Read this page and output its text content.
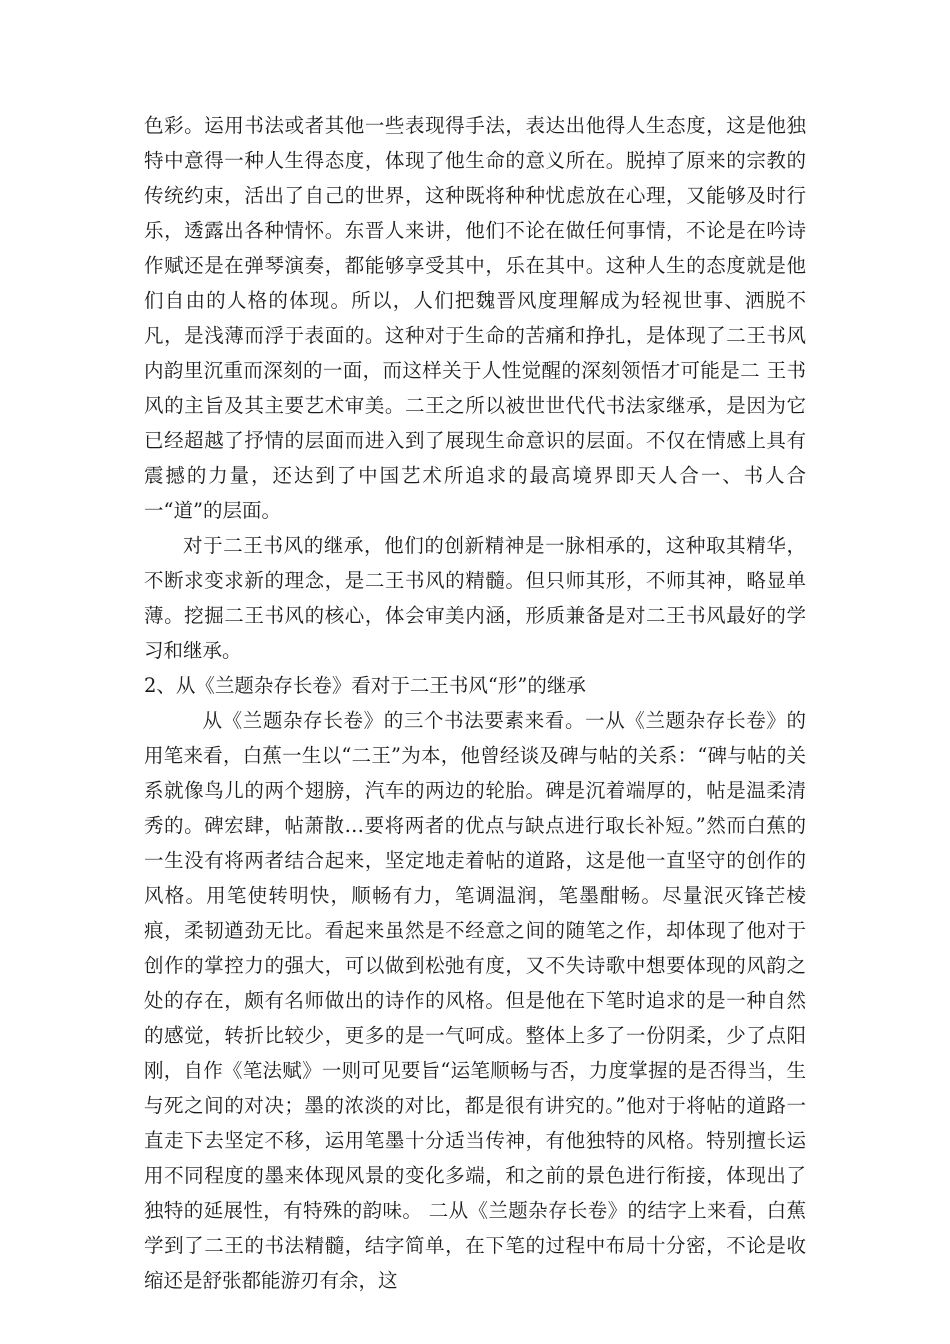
色彩。运用书法或者其他一些表现得手法，表达出他得人生态度，这是他独特中意得一种人生得态度，体现了他生命的意义所在。脱掉了原来的宗教的传统约束，活出了自己的世界，这种既将种种忧虑放在心理，又能够及时行乐，透露出各种情怀。东晋人来讲，他们不论在做任何事情，不论是在吟诗作赋还是在弹琴演奏，都能够享受其中，乐在其中。这种人生的态度就是他们自由的人格的体现。所以，人们把魏晋风度理解成为轻视世事、洒脱不凡，是浅薄而浮于表面的。这种对于生命的苦痛和挣扎，是体现了二王书风内韵里沉重而深刻的一面，而这样关于人性觉醒的深刻领悟才可能是二 王书风的主旨及其主要艺术审美。二王之所以被世世代代书法家继承，是因为它已经超越了抒情的层面而进入到了展现生命意识的层面。不仅在情感上具有震撼的力量，还达到了中国艺术所追求的最高境界即天人合一、书人合一“道”的层面。

对于二王书风的继承，他们的创新精神是一脉相承的，这种取其精华，不断求变求新的理念，是二王书风的精髓。但只师其形，不师其神，略显单薄。挖掘二王书风的核心，体会审美内涵，形质兼备是对二王书风最好的学习和继承。

2、从《兰题杂存长卷》看对于二王书风“形”的继承

从《兰题杂存长卷》的三个书法要素来看。一从《兰题杂存长卷》的用笔来看，白蕉一生以“二王”为本，他曾经谈及碑与帖的关系：“碑与帖的关系就像鸟儿的两个翅膀，汽车的两边的轮胎。碑是沉着端厚的，帖是温柔清秀的。碑宏肆，帖萧散…要将两者的优点与缺点进行取长补短。”然而白蕉的一生没有将两者结合起来，坚定地走着帖的道路，这是他一直坚守的创作的风格。用笔使转明快，顺畅有力，笔调温润，笔墨酣畅。尽量泯灭锋芒棱痕，柔韧遒劲无比。看起来虽然是不经意之间的随笔之作，却体现了他对于创作的掌控力的强大，可以做到松弛有度，又不失诗歌中想要体现的风韵之处的存在，颇有名师做出的诗作的风格。但是他在下笔时追求的是一种自然的感觉，转折比较少，更多的是一气呵成。整体上多了一份阴柔，少了点阳刚，自作《笔法赋》一则可见要旨“运笔顺畅与否，力度掌握的是否得当，生与死之间的对决；墨的浓淡的对比，都是很有讲究的。”他对于将帖的道路一直走下去坚定不移，运用笔墨十分适当传神，有他独特的风格。特别擅长运用不同程度的墨来体现风景的变化多端，和之前的景色进行衔接，体现出了独特的延展性，有特殊的韵味。 二从《兰题杂存长卷》的结字上来看，白蕉学到了二王的书法精髓，结字简单，在下笔的过程中布局十分密，不论是收缩还是舒张都能游刃有余，这
